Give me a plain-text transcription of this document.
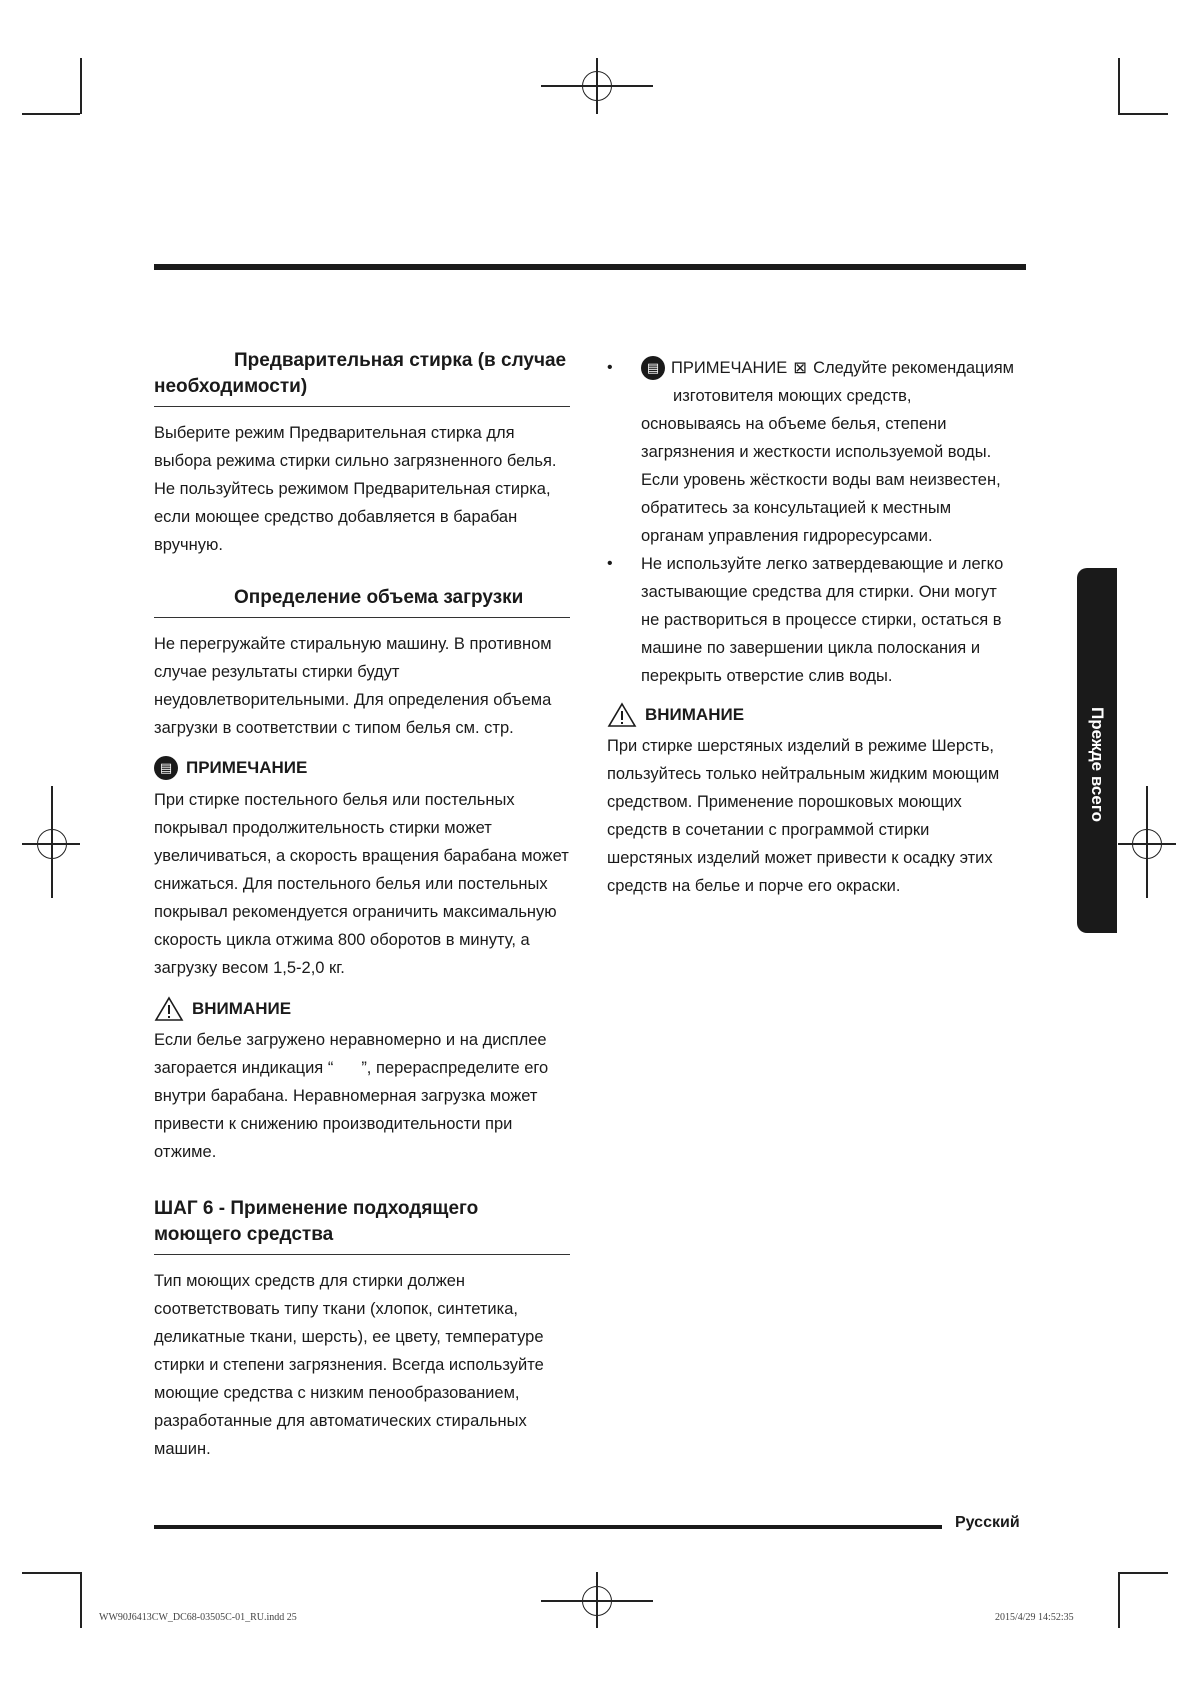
Предварительная стирка (в случае необходимости)

Выберите режим Предварительная стирка для выбора режима стирки сильно загрязненного белья. Не пользуйтесь режимом Предварительная стирка, если моющее средство добавляется в барабан вручную.

Определение объема загрузки

Не перегружайте стиральную машину. В противном случае результаты стирки будут неудовлетворительными. Для определения объема загрузки в соответствии с типом белья см. стр.

▤ ПРИМЕЧАНИЕ

При стирке постельного белья или постельных покрывал продолжительность стирки может увеличиваться, а скорость вращения барабана может снижаться. Для постельного белья или постельных покрывал рекомендуется ограничить максимальную скорость цикла отжима 800 оборотов в минуту, а загрузку весом 1,5-2,0 кг.

ВНИМАНИЕ

Если белье загружено неравномерно и на дисплее

загорается индикация “ ”, перераспределите его

внутри барабана. Неравномерная загрузка может привести к снижению производительности при отжиме.

ШАГ 6 - Применение подходящего моющего средства

Тип моющих средств для стирки должен соответствовать типу ткани (хлопок, синтетика, деликатные ткани, шерсть), ее цвету, температуре стирки и степени загрязнения. Всегда используйте моющие средства с низким пенообразованием, разработанные для автоматических стиральных машин.

•	▤ ПРИМЕЧАНИЕ ⊠ Следуйте рекомендациям

изготовителя моющих средств,

основываясь на объеме белья, степени загрязнения и жесткости используемой воды. Если уровень жёсткости воды вам неизвестен, обратитесь за консультацией к местным органам управления гидроресурсами.

• Не используйте легко затвердевающие и легко застывающие средства для стирки. Они могут не раствориться в процессе стирки, остаться в машине по завершении цикла полоскания и перекрыть отверстие слив воды.

ВНИМАНИЕ

При стирке шерстяных изделий в режиме Шерсть, пользуйтесь только нейтральным жидким моющим средством. Применение порошковых моющих средств в сочетании с программой стирки шерстяных изделий может привести к осадку этих средств на белье и порче его окраски.

Прежде всего
Русский
WW90J6413CW_DC68-03505C-01_RU.indd 25	2015/4/29 14:52:35
